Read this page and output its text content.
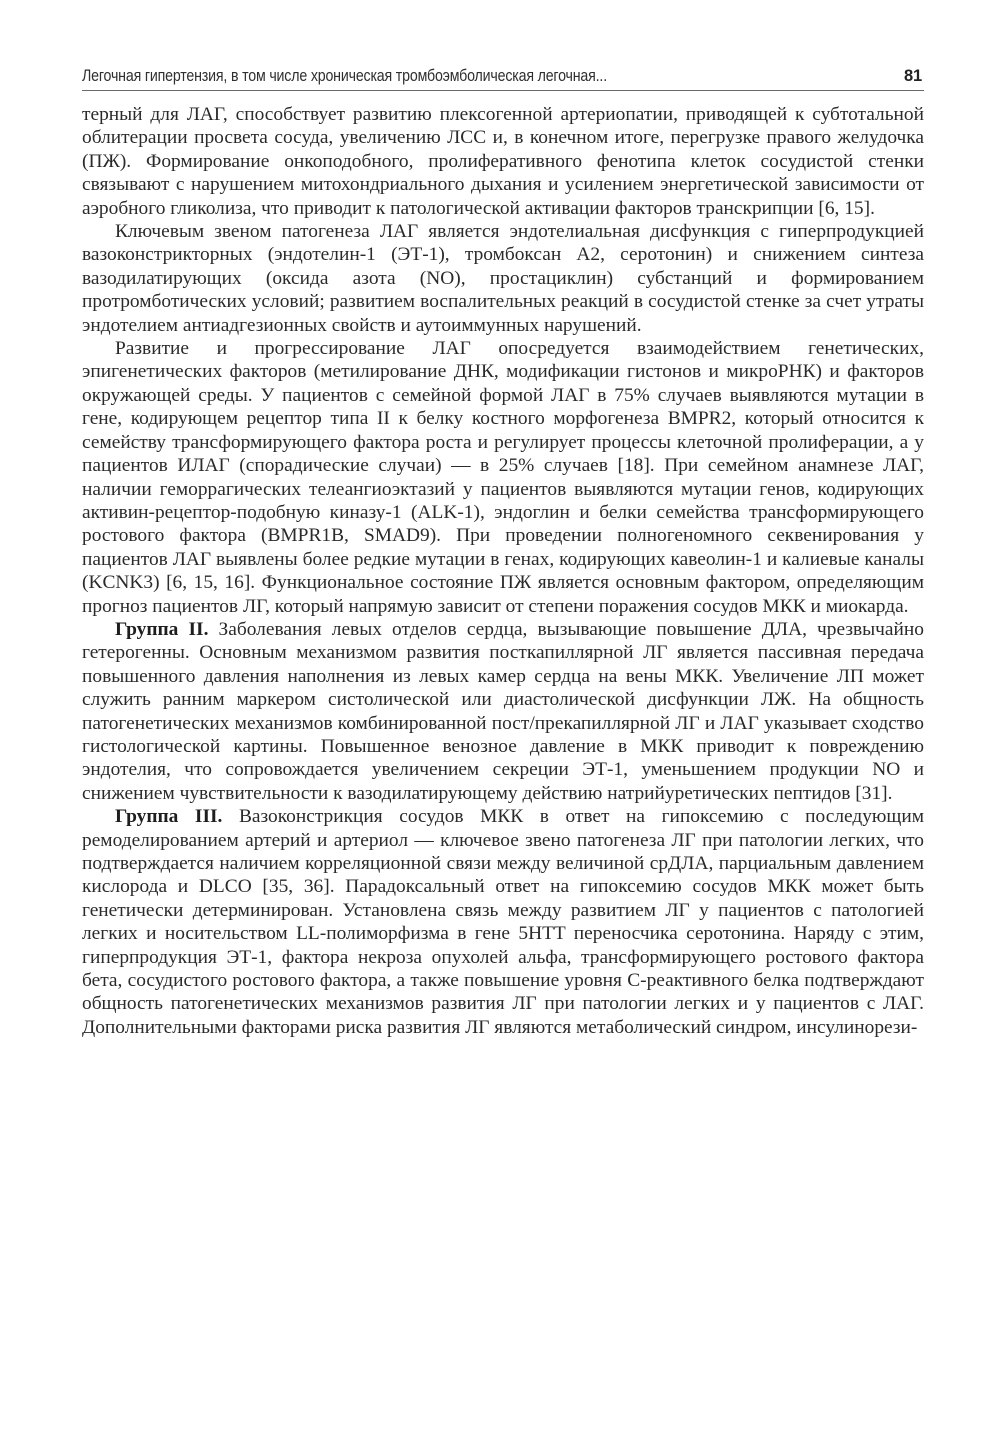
Легочная гипертензия, в том числе хроническая тромбоэмболическая легочная...	81

терный для ЛАГ, способствует развитию плексогенной артериопатии, приводящей к субтотальной облитерации просвета сосуда, увеличению ЛСС и, в конечном итоге, перегрузке правого желудочка (ПЖ). Формирование онкоподобного, пролиферативного фенотипа клеток сосудистой стенки связывают с нарушением митохондриального дыхания и усилением энергетической зависимости от аэробного гликолиза, что приводит к патологической активации факторов транскрипции [6, 15].

Ключевым звеном патогенеза ЛАГ является эндотелиальная дисфункция с гиперпродукцией вазоконстрикторных (эндотелин-1 (ЭТ-1), тромбоксан А2, серотонин) и снижением синтеза вазодилатирующих (оксида азота (NO), простациклин) субстанций и формированием протромботических условий; развитием воспалительных реакций в сосудистой стенке за счет утраты эндотелием антиадгезионных свойств и аутоиммунных нарушений.

Развитие и прогрессирование ЛАГ опосредуется взаимодействием генетических, эпигенетических факторов (метилирование ДНК, модификации гистонов и микроРНК) и факторов окружающей среды. У пациентов с семейной формой ЛАГ в 75% случаев выявляются мутации в гене, кодирующем рецептор типа II к белку костного морфогенеза BMPR2, который относится к семейству трансформирующего фактора роста и регулирует процессы клеточной пролиферации, а у пациентов ИЛАГ (спорадические случаи) — в 25% случаев [18]. При семейном анамнезе ЛАГ, наличии геморрагических телеангиоэктазий у пациентов выявляются мутации генов, кодирующих активин-рецептор-подобную киназу-1 (ALK-1), эндоглин и белки семейства трансформирующего ростового фактора (BMPR1B, SMAD9). При проведении полногеномного секвенирования у пациентов ЛАГ выявлены более редкие мутации в генах, кодирующих кавеолин-1 и калиевые каналы (KCNK3) [6, 15, 16]. Функциональное состояние ПЖ является основным фактором, определяющим прогноз пациентов ЛГ, который напрямую зависит от степени поражения сосудов МКК и миокарда.

Группа II. Заболевания левых отделов сердца, вызывающие повышение ДЛА, чрезвычайно гетерогенны. Основным механизмом развития посткапиллярной ЛГ является пассивная передача повышенного давления наполнения из левых камер сердца на вены МКК. Увеличение ЛП может служить ранним маркером систолической или диастолической дисфункции ЛЖ. На общность патогенетических механизмов комбинированной пост/прекапиллярной ЛГ и ЛАГ указывает сходство гистологической картины. Повышенное венозное давление в МКК приводит к повреждению эндотелия, что сопровождается увеличением секреции ЭТ-1, уменьшением продукции NO и снижением чувствительности к вазодилатирующему действию натрийуретических пептидов [31].

Группа III. Вазоконстрикция сосудов МКК в ответ на гипоксемию с последующим ремоделированием артерий и артериол — ключевое звено патогенеза ЛГ при патологии легких, что подтверждается наличием корреляционной связи между величиной срДЛА, парциальным давлением кислорода и DLCO [35, 36]. Парадоксальный ответ на гипоксемию сосудов МКК может быть генетически детерминирован. Установлена связь между развитием ЛГ у пациентов с патологией легких и носительством LL-полиморфизма в гене 5HTT переносчика серотонина. Наряду с этим, гиперпродукция ЭТ-1, фактора некроза опухолей альфа, трансформирующего ростового фактора бета, сосудистого ростового фактора, а также повышение уровня С-реактивного белка подтверждают общность патогенетических механизмов развития ЛГ при патологии легких и у пациентов с ЛАГ. Дополнительными факторами риска развития ЛГ являются метаболический синдром, инсулинорези-
